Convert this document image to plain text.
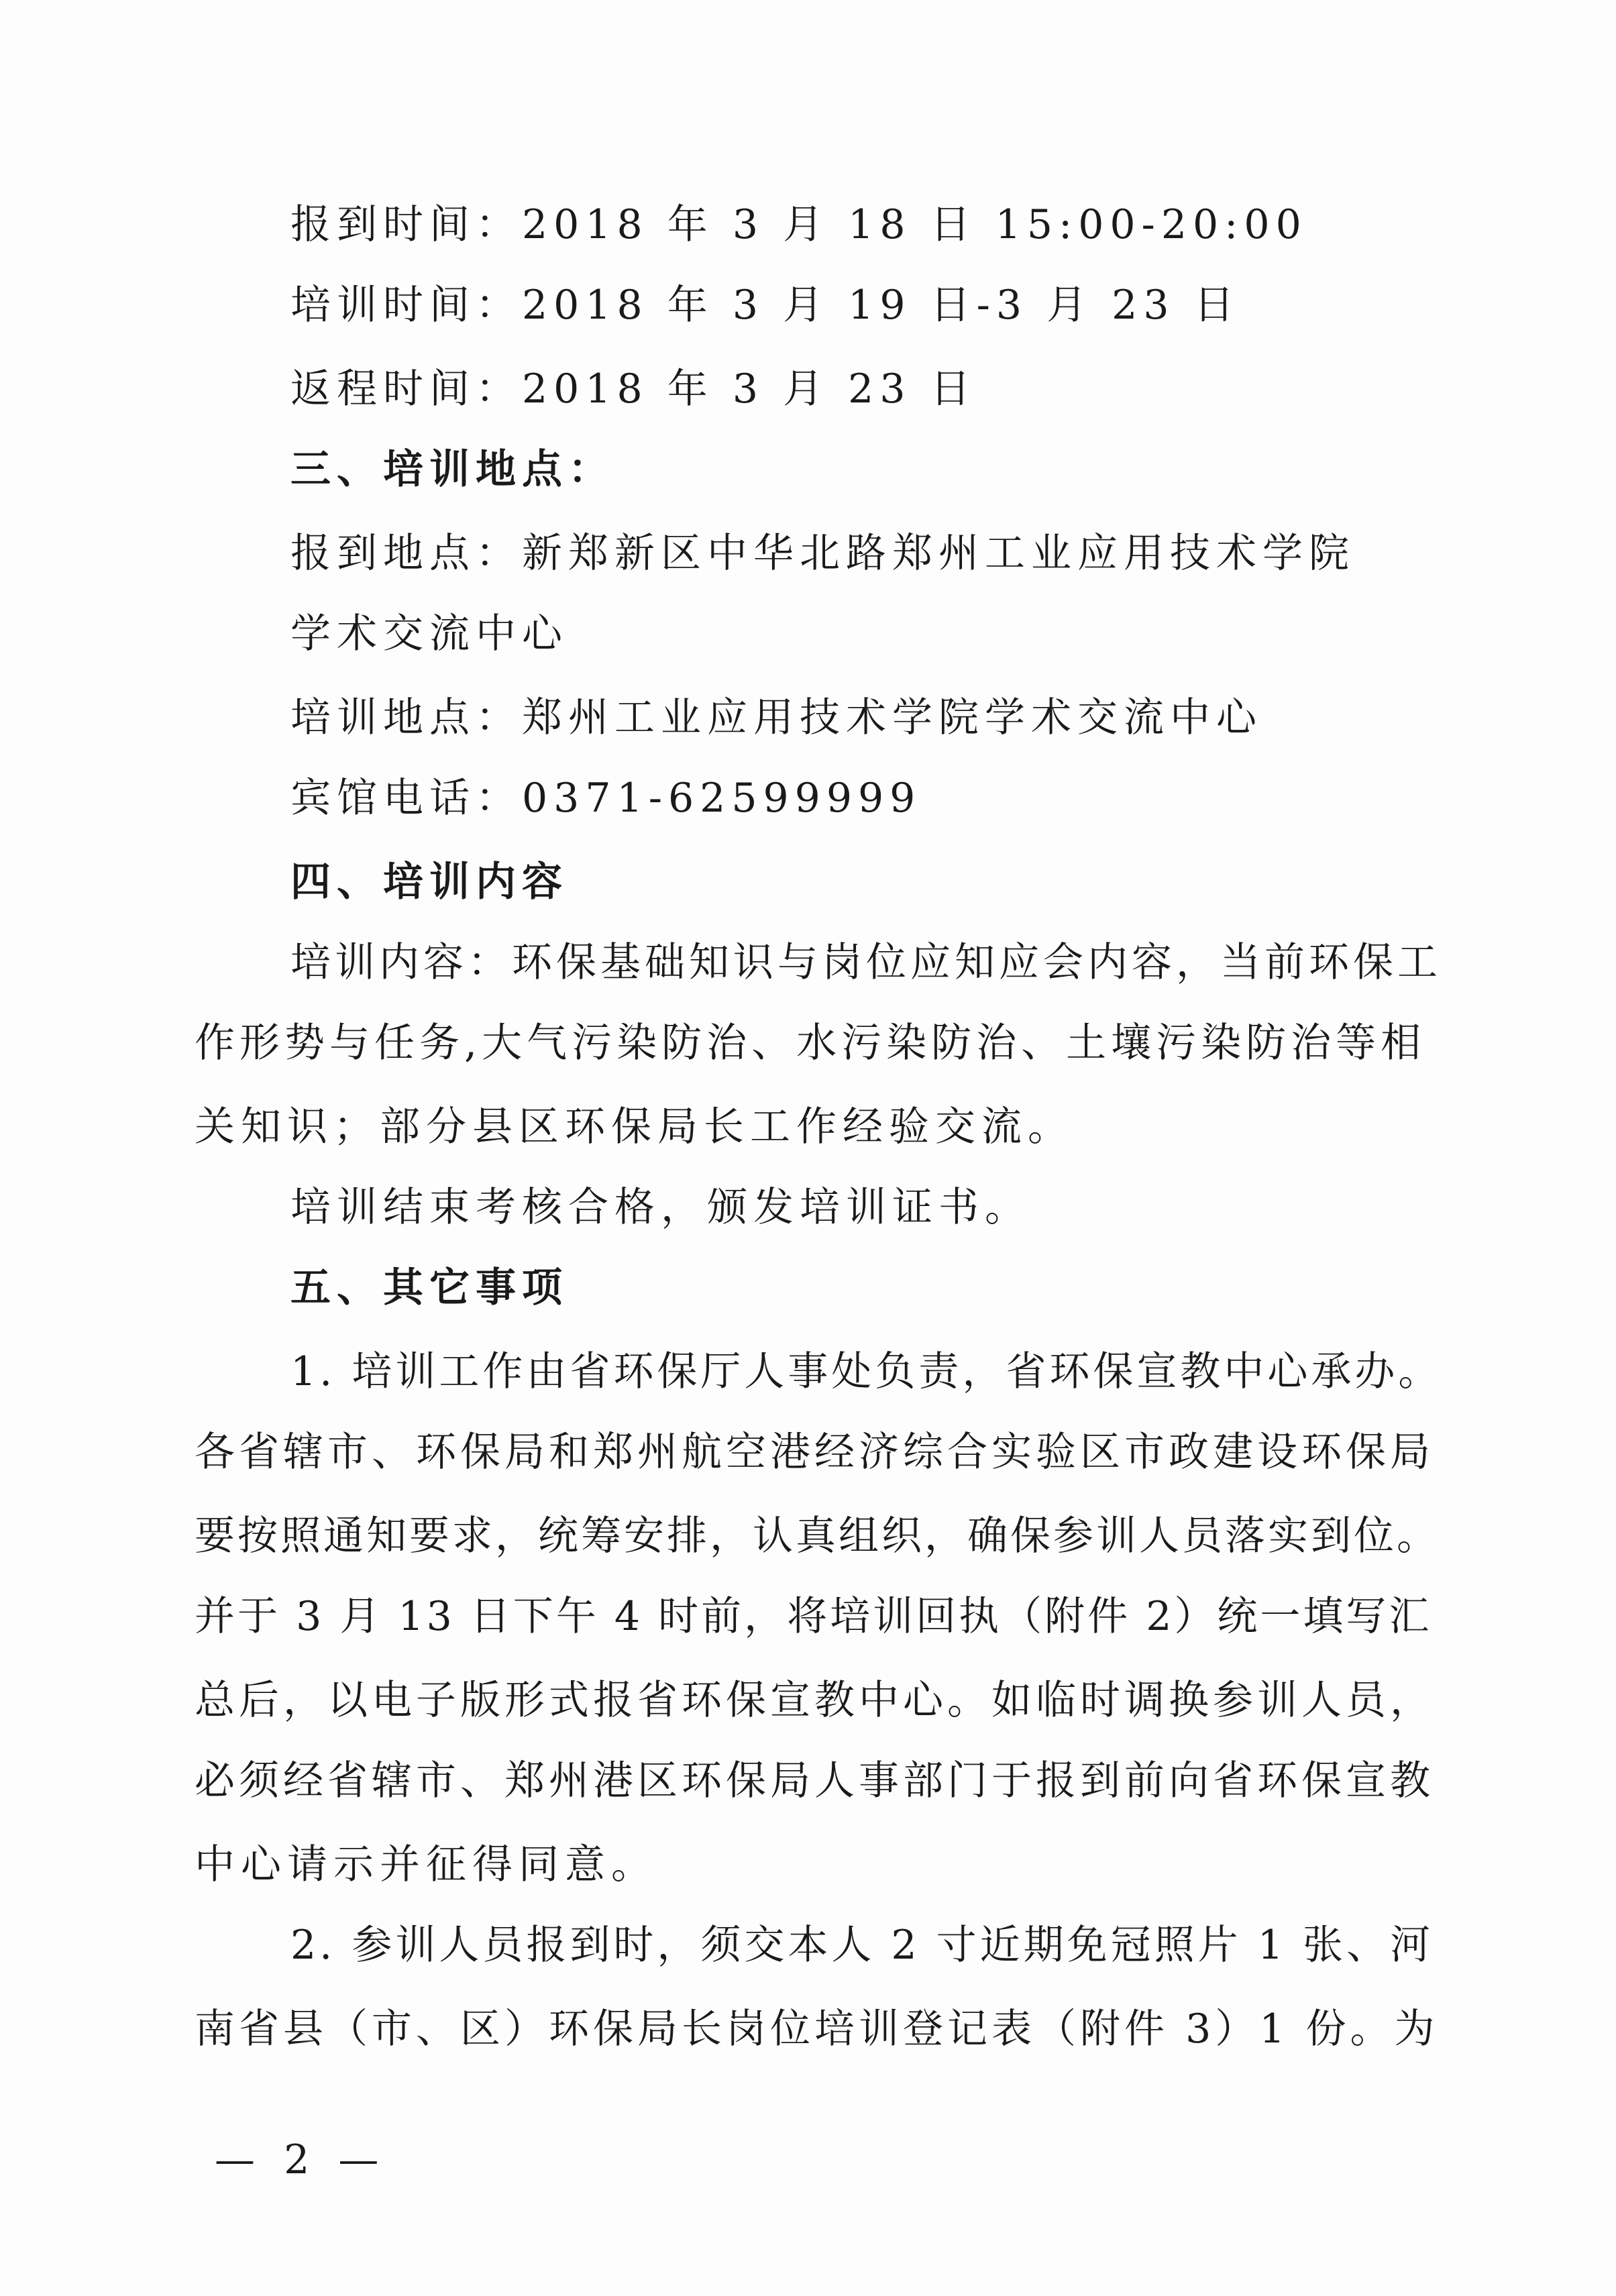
报到时间：2018 年 3 月 18 日 15:00-20:00
培训时间：2018 年 3 月 19 日-3 月 23 日
返程时间：2018 年 3 月 23 日
三、培训地点：
报到地点：新郑新区中华北路郑州工业应用技术学院
学术交流中心
培训地点：郑州工业应用技术学院学术交流中心
宾馆电话：0371-62599999
四、培训内容
培训内容：环保基础知识与岗位应知应会内容，当前环保工
作形势与任务,大气污染防治、水污染防治、土壤污染防治等相
关知识；部分县区环保局长工作经验交流。
培训结束考核合格，颁发培训证书。
五、其它事项
1. 培训工作由省环保厅人事处负责，省环保宣教中心承办。
各省辖市、环保局和郑州航空港经济综合实验区市政建设环保局
要按照通知要求，统筹安排，认真组织，确保参训人员落实到位。
并于 3 月 13 日下午 4 时前，将培训回执（附件 2）统一填写汇
总后，以电子版形式报省环保宣教中心。如临时调换参训人员，
必须经省辖市、郑州港区环保局人事部门于报到前向省环保宣教
中心请示并征得同意。
2. 参训人员报到时，须交本人 2 寸近期免冠照片 1 张、河
南省县（市、区）环保局长岗位培训登记表（附件 3）1 份。为
— 2 —
